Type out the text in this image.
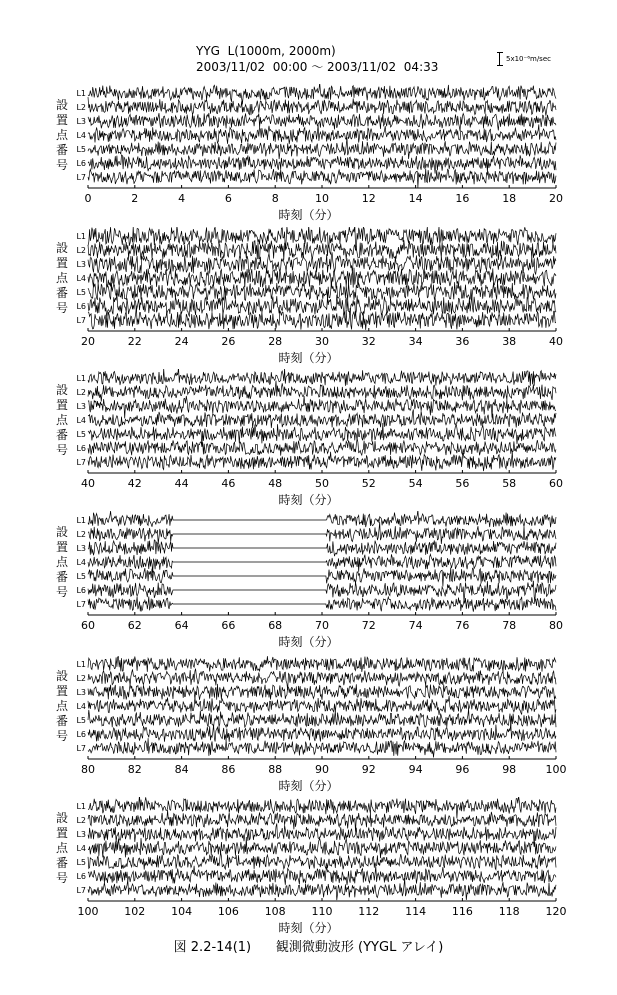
YYG  L(1000m, 2000m)
2003/11/02  00:00 ～ 2003/11/02  04:33
5x10⁻⁶m/sec
0	2	4	6	8	10	12	14	16	18	20
L1
L2
L3
L4
L5
L6
L7
設
置
点
番
号
時刻（分）
20	22	24	26	28	30	32	34	36	38	40
L1
L2
L3
L4
L5
L6
L7
設
置
点
番
号
時刻（分）
40	42	44	46	48	50	52	54	56	58	60
L1
L2
L3
L4
L5
L6
L7
設
置
点
番
号
時刻（分）
60	62	64	66	68	70	72	74	76	78	80
L1
L2
L3
L4
L5
L6
L7
設
置
点
番
号
時刻（分）
80	82	84	86	88	90	92	94	96	98	100
L1
L2
L3
L4
L5
L6
L7
設
置
点
番
号
時刻（分）
100 102 104 106 108 110 112 114 116 118 120
L1
L2
L3
L4
L5
L6
L7
設
置
点
番
号
時刻（分）
図 2.2-14(1)      観測微動波形 (YYGL アレイ)
